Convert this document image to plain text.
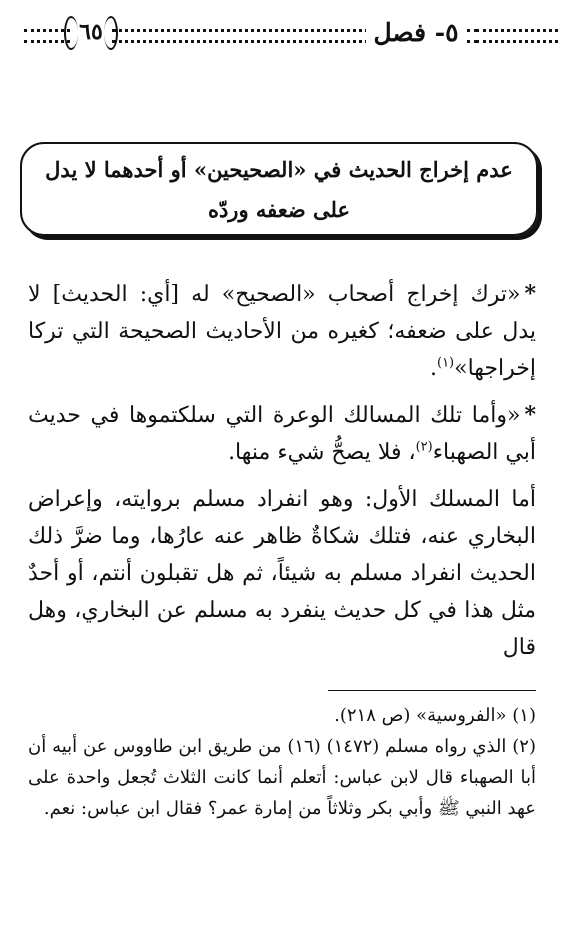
٥- فصل
٦٥
عدم إخراج الحديث في «الصحيحين» أو أحدهما لا يدل
على ضعفه وردّه

*«ترك إخراج أصحاب «الصحيح» له [أي: الحديث] لا يدل على ضعفه؛ كغيره من الأحاديث الصحيحة التي تركا إخراجها»$^{(١)}$.

*«وأما تلك المسالك الوعرة التي سلكتموها في حديث أبي الصهباء$^{(٢)}$، فلا يصحُّ شيء منها.

أما المسلك الأول: وهو انفراد مسلم بروايته، وإعراض البخاري عنه، فتلك شكاةٌ ظاهر عنه عارُها، وما ضرَّ ذلك الحديث انفراد مسلم به شيئاً، ثم هل تقبلون أنتم، أو أحدٌ مثل هذا في كل حديث ينفرد به مسلم عن البخاري، وهل قال

(١) «الفروسية» (ص ٢١٨).

(٢) الذي رواه مسلم (١٤٧٢) (١٦) من طريق ابن طاووس عن أبيه أن أبا الصهباء قال لابن عباس: أتعلم أنما كانت الثلاث تُجعل واحدة على عهد النبي ﷺ وأبي بكر وثلاثاً من إمارة عمر؟ فقال ابن عباس: نعم.
